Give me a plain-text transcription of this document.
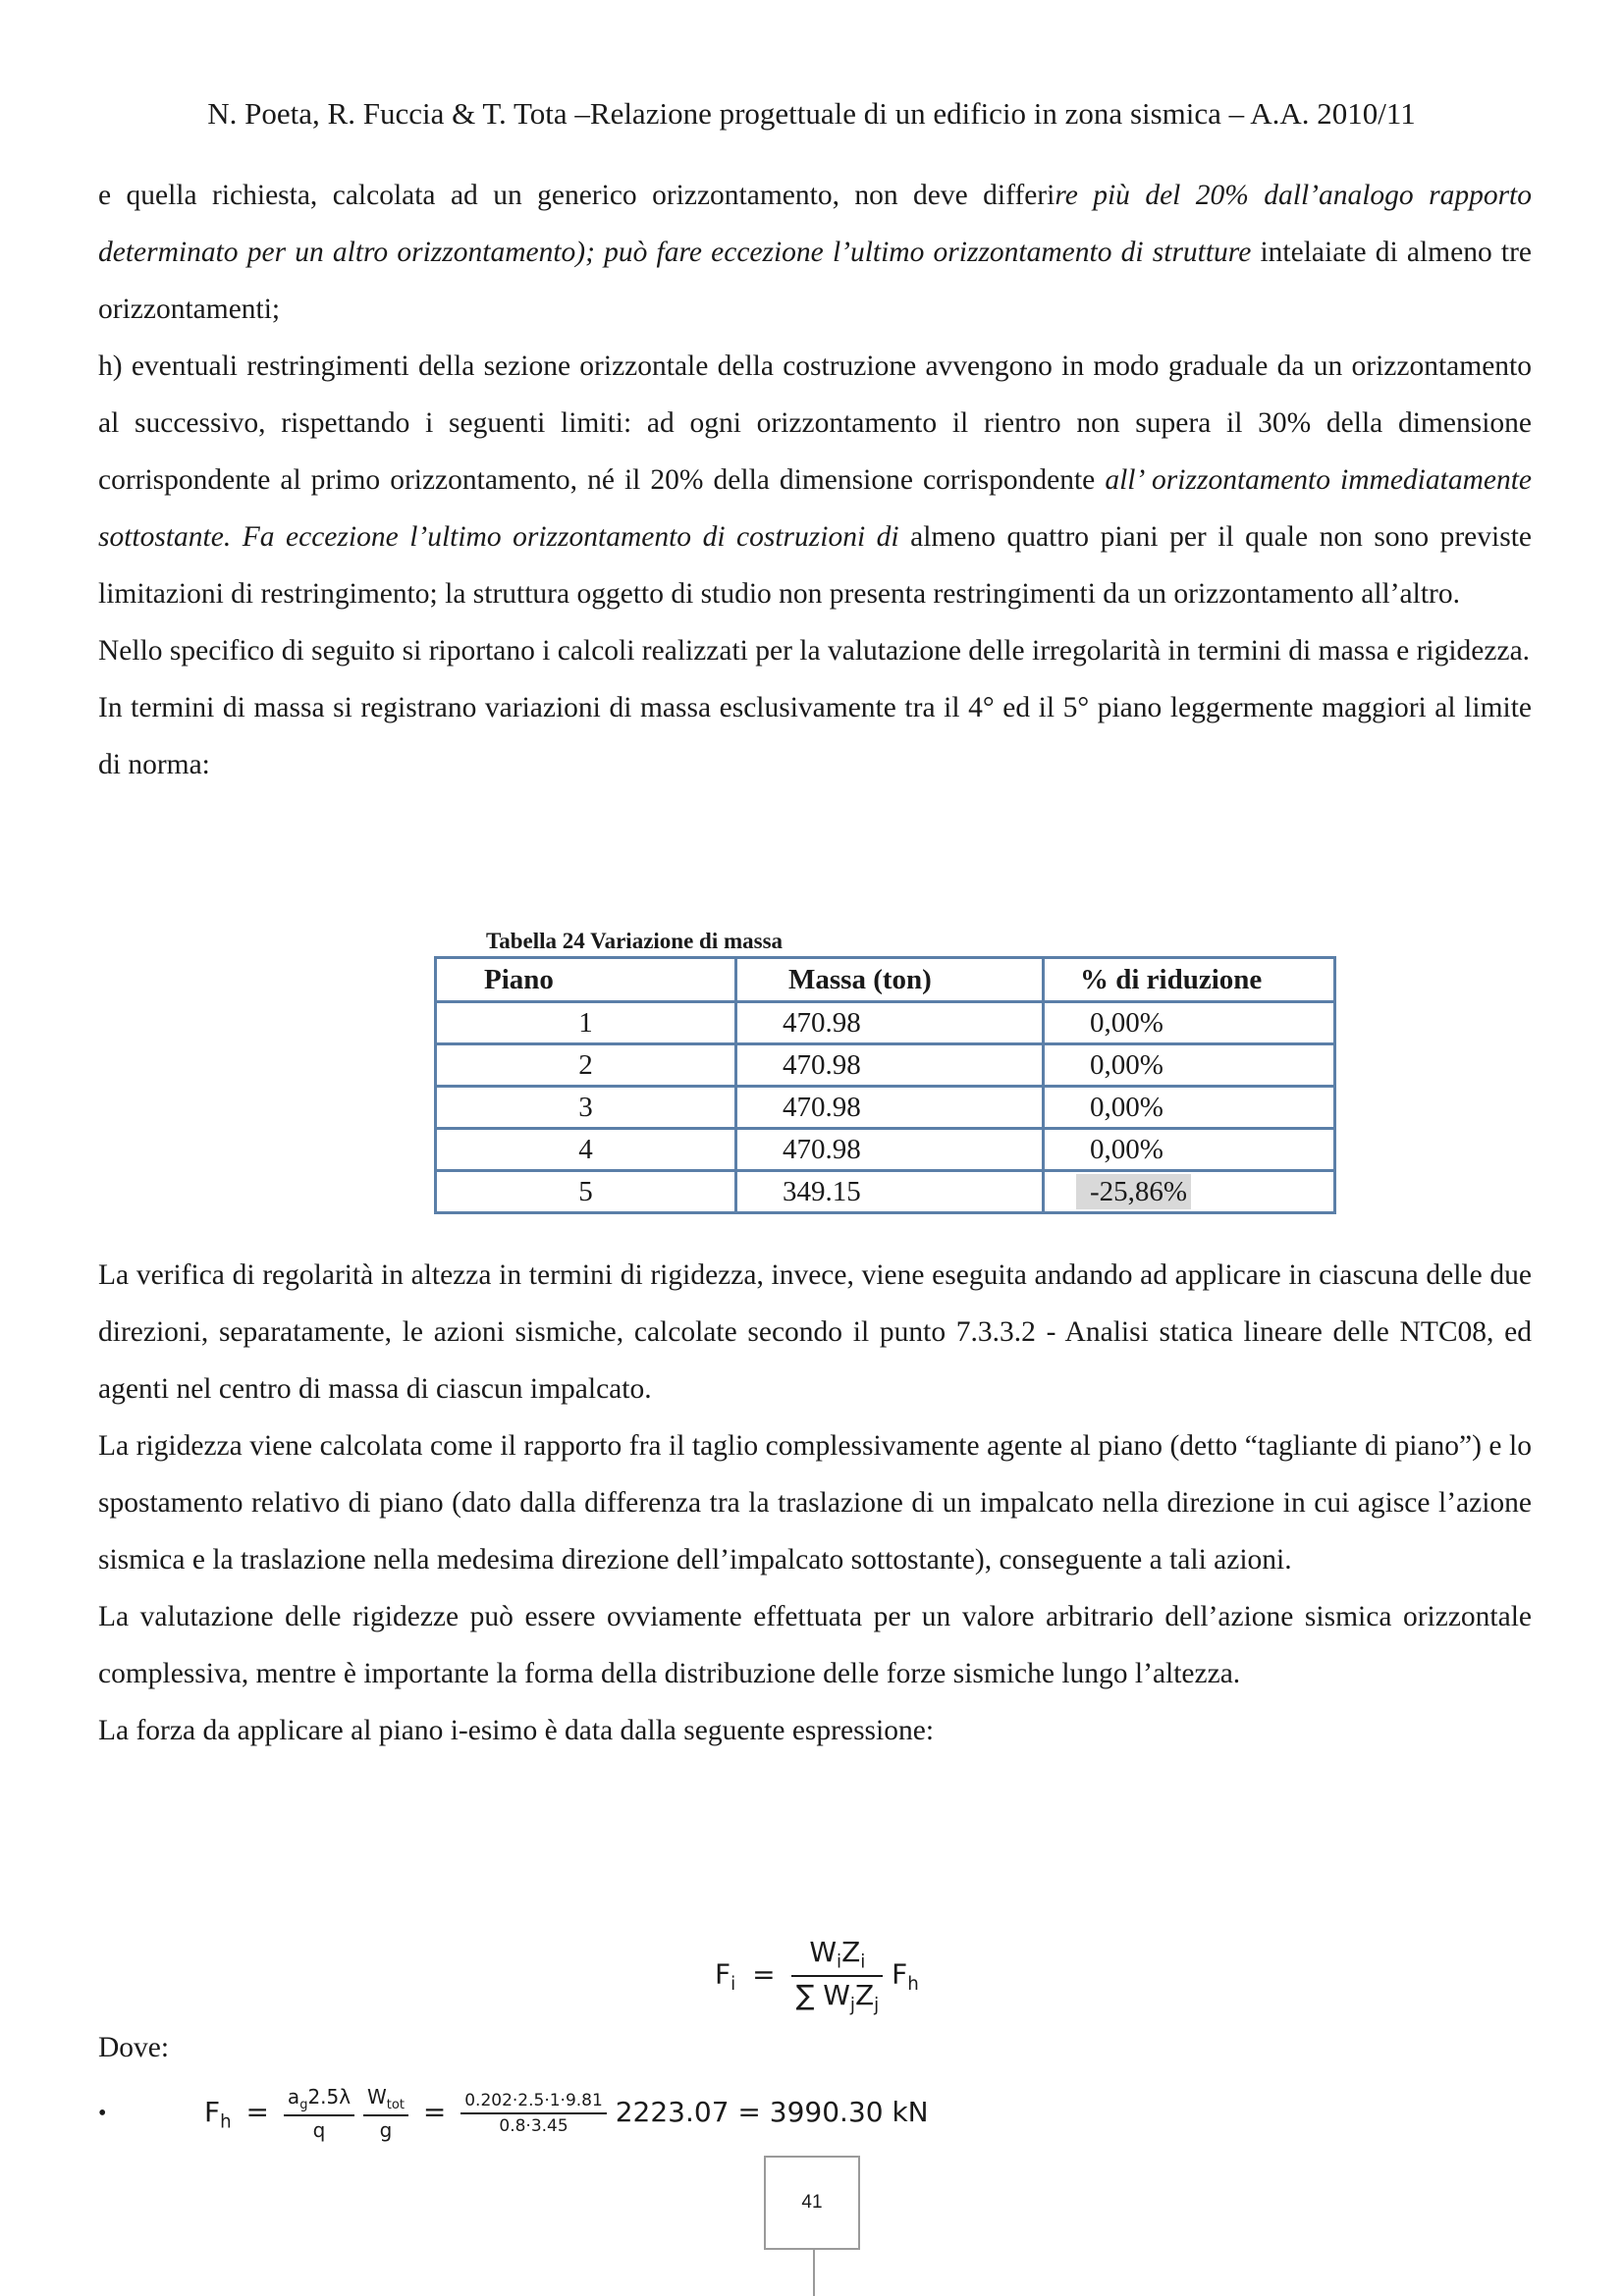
N. Poeta, R. Fuccia & T. Tota –Relazione progettuale di un edificio in zona sismica – A.A. 2010/11

e quella richiesta, calcolata ad un generico orizzontamento, non deve differire più del 20% dall’analogo rapporto determinato per un altro orizzontamento); può fare eccezione l’ultimo orizzontamento di strutture intelaiate di almeno tre orizzontamenti;

h) eventuali restringimenti della sezione orizzontale della costruzione avvengono in modo graduale da un orizzontamento al successivo, rispettando i seguenti limiti: ad ogni orizzontamento il rientro non supera il 30% della dimensione corrispondente al primo orizzontamento, né il 20% della dimensione corrispondente all’ orizzontamento immediatamente sottostante. Fa eccezione l’ultimo orizzontamento di costruzioni di almeno quattro piani per il quale non sono previste limitazioni di restringimento; la struttura oggetto di studio non presenta restringimenti da un orizzontamento all’altro.

Nello specifico di seguito si riportano i calcoli realizzati per la valutazione delle irregolarità in termini di massa e rigidezza.

In termini di massa si registrano variazioni di massa esclusivamente tra il 4° ed il 5° piano leggermente maggiori al limite di norma:

Tabella 24 Variazione di massa
Piano	Massa (ton)	% di riduzione
1	470.98	0,00%
2	470.98	0,00%
3	470.98	0,00%
4	470.98	0,00%
5	349.15	-25,86%

La verifica di regolarità in altezza in termini di rigidezza, invece, viene eseguita andando ad applicare in ciascuna delle due direzioni, separatamente, le azioni sismiche, calcolate secondo il punto 7.3.3.2 - Analisi statica lineare delle NTC08, ed agenti nel centro di massa di ciascun impalcato.

La rigidezza viene calcolata come il rapporto fra il taglio complessivamente agente al piano (detto “tagliante di piano”) e lo spostamento relativo di piano (dato dalla differenza tra la traslazione di un impalcato nella direzione in cui agisce l’azione sismica e la traslazione nella medesima direzione dell’impalcato sottostante), conseguente a tali azioni.

La valutazione delle rigidezze può essere ovviamente effettuata per un valore arbitrario dell’azione sismica orizzontale complessiva, mentre è importante la forma della distribuzione delle forze sismiche lungo l’altezza.

La forza da applicare al piano i-esimo è data dalla seguente espressione:

$F_i = \frac{W_iZ_i}{\sum W_jZ_j} F_h$
Dove:
•	$F_h = \frac{a_g2.5\lambda}{q}$
$\frac{W_{tot}}{g} = \frac{0.202\cdot 2.5\cdot 1\cdot 9.81}{0.8\cdot 3.45} 2223.07 = 3990.30$ kN
41
